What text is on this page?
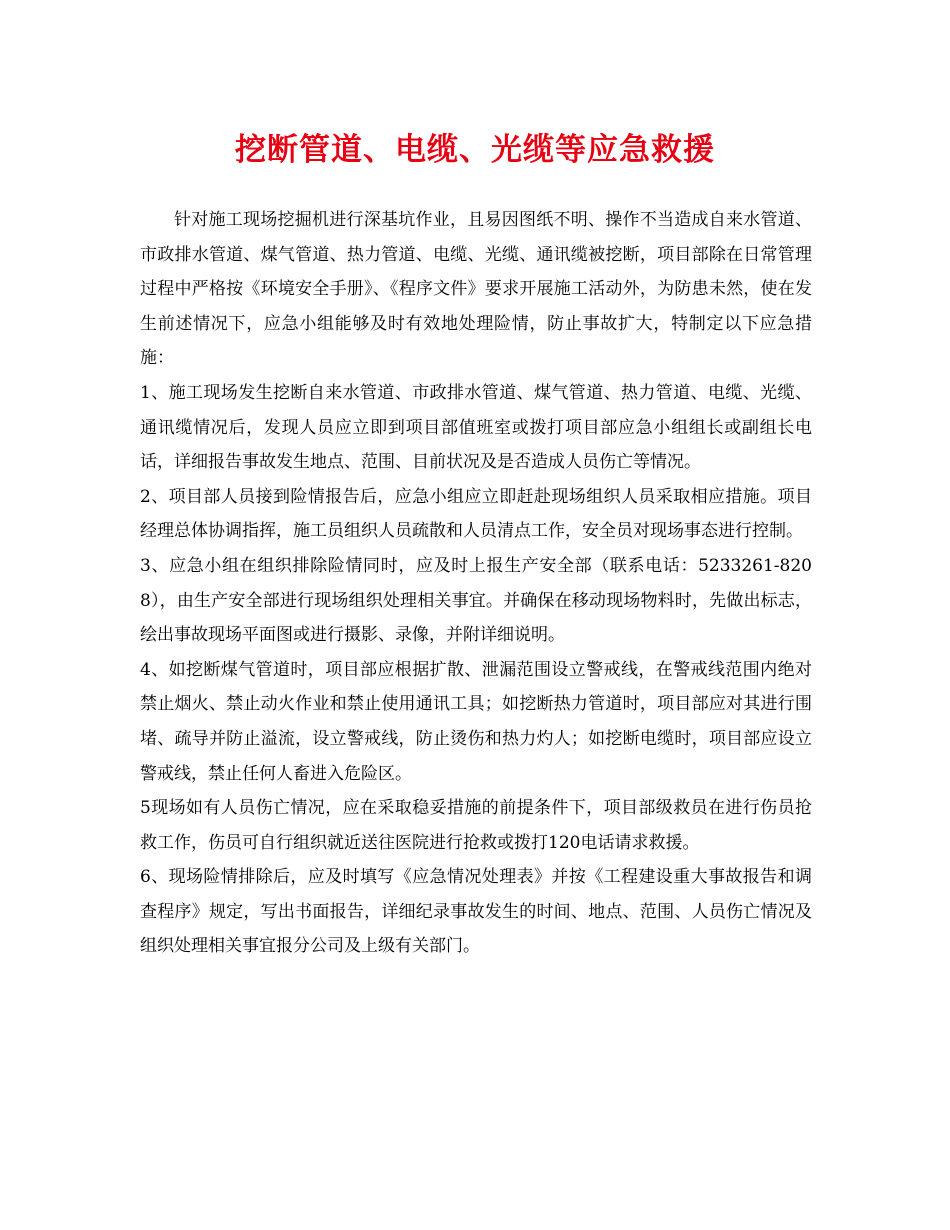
挖断管道、电缆、光缆等应急救援

针对施工现场挖掘机进行深基坑作业，且易因图纸不明、操作不当造成自来水管道、市政排水管道、煤气管道、热力管道、电缆、光缆、通讯缆被挖断，项目部除在日常管理过程中严格按《环境安全手册》、《程序文件》要求开展施工活动外，为防患未然，使在发生前述情况下，应急小组能够及时有效地处理险情，防止事故扩大，特制定以下应急措施：

1、施工现场发生挖断自来水管道、市政排水管道、煤气管道、热力管道、电缆、光缆、通讯缆情况后，发现人员应立即到项目部值班室或拨打项目部应急小组组长或副组长电话，详细报告事故发生地点、范围、目前状况及是否造成人员伤亡等情况。

2、项目部人员接到险情报告后，应急小组应立即赶赴现场组织人员采取相应措施。项目经理总体协调指挥，施工员组织人员疏散和人员清点工作，安全员对现场事态进行控制。

3、应急小组在组织排除险情同时，应及时上报生产安全部（联系电话：5233261-8208），由生产安全部进行现场组织处理相关事宜。并确保在移动现场物料时，先做出标志，绘出事故现场平面图或进行摄影、录像，并附详细说明。

4、如挖断煤气管道时，项目部应根据扩散、泄漏范围设立警戒线，在警戒线范围内绝对禁止烟火、禁止动火作业和禁止使用通讯工具；如挖断热力管道时，项目部应对其进行围堵、疏导并防止溢流，设立警戒线，防止烫伤和热力灼人；如挖断电缆时，项目部应设立警戒线，禁止任何人畜进入危险区。

5现场如有人员伤亡情况，应在采取稳妥措施的前提条件下，项目部级救员在进行伤员抢救工作，伤员可自行组织就近送往医院进行抢救或拨打120电话请求救援。

6、现场险情排除后，应及时填写《应急情况处理表》并按《工程建设重大事故报告和调查程序》规定，写出书面报告，详细纪录事故发生的时间、地点、范围、人员伤亡情况及组织处理相关事宜报分公司及上级有关部门。
